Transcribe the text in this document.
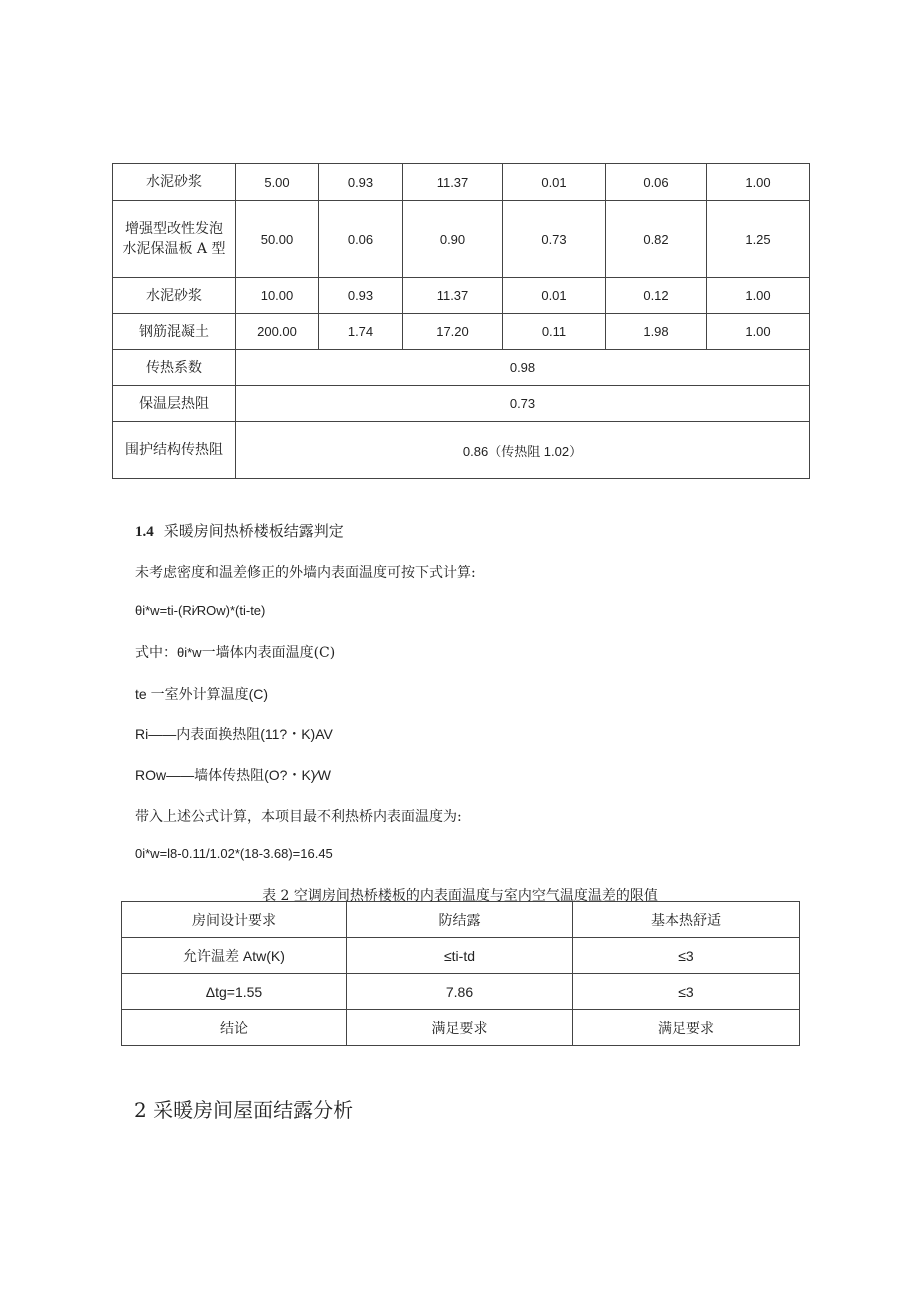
水泥砂浆	5.00	0.93	11.37	0.01	0.06	1.00

增强型改性发泡
水泥保温板 A 型	50.00	0.06	0.90	0.73	0.82	1.25
水泥砂浆	10.00	0.93	11.37	0.01	0.12	1.00
钢筋混凝土	200.00	1.74	17.20	0.11	1.98	1.00
传热系数	0.98					
保温层热阻	0.73					
围护结构传热阻	0.86（传热阻 1.02）					
1.4 采暖房间热桥楼板结露判定
未考虑密度和温差修正的外墙内表面温度可按下式计算:
θi*w=ti-(Ri∕ROw)*(ti-te)
式中：θi*w一墙体内表面温度(C)
te 一室外计算温度(C)
Ri——内表面换热阻(11?・K)AV
ROw——墙体传热阻(O?・K)∕W
带入上述公式计算，本项目最不利热桥内表面温度为:
0i*w=l8-0.11/1.02*(18-3.68)=16.45
表 2 空调房间热桥楼板的内表面温度与室内空气温度温差的限值
房间设计要求	防结露	基本热舒适
允许温差 Atw(K)	≤ti-td	≤3
Δtg=1.55	7.86	≤3
结论	满足要求	满足要求
2 采暖房间屋面结露分析
